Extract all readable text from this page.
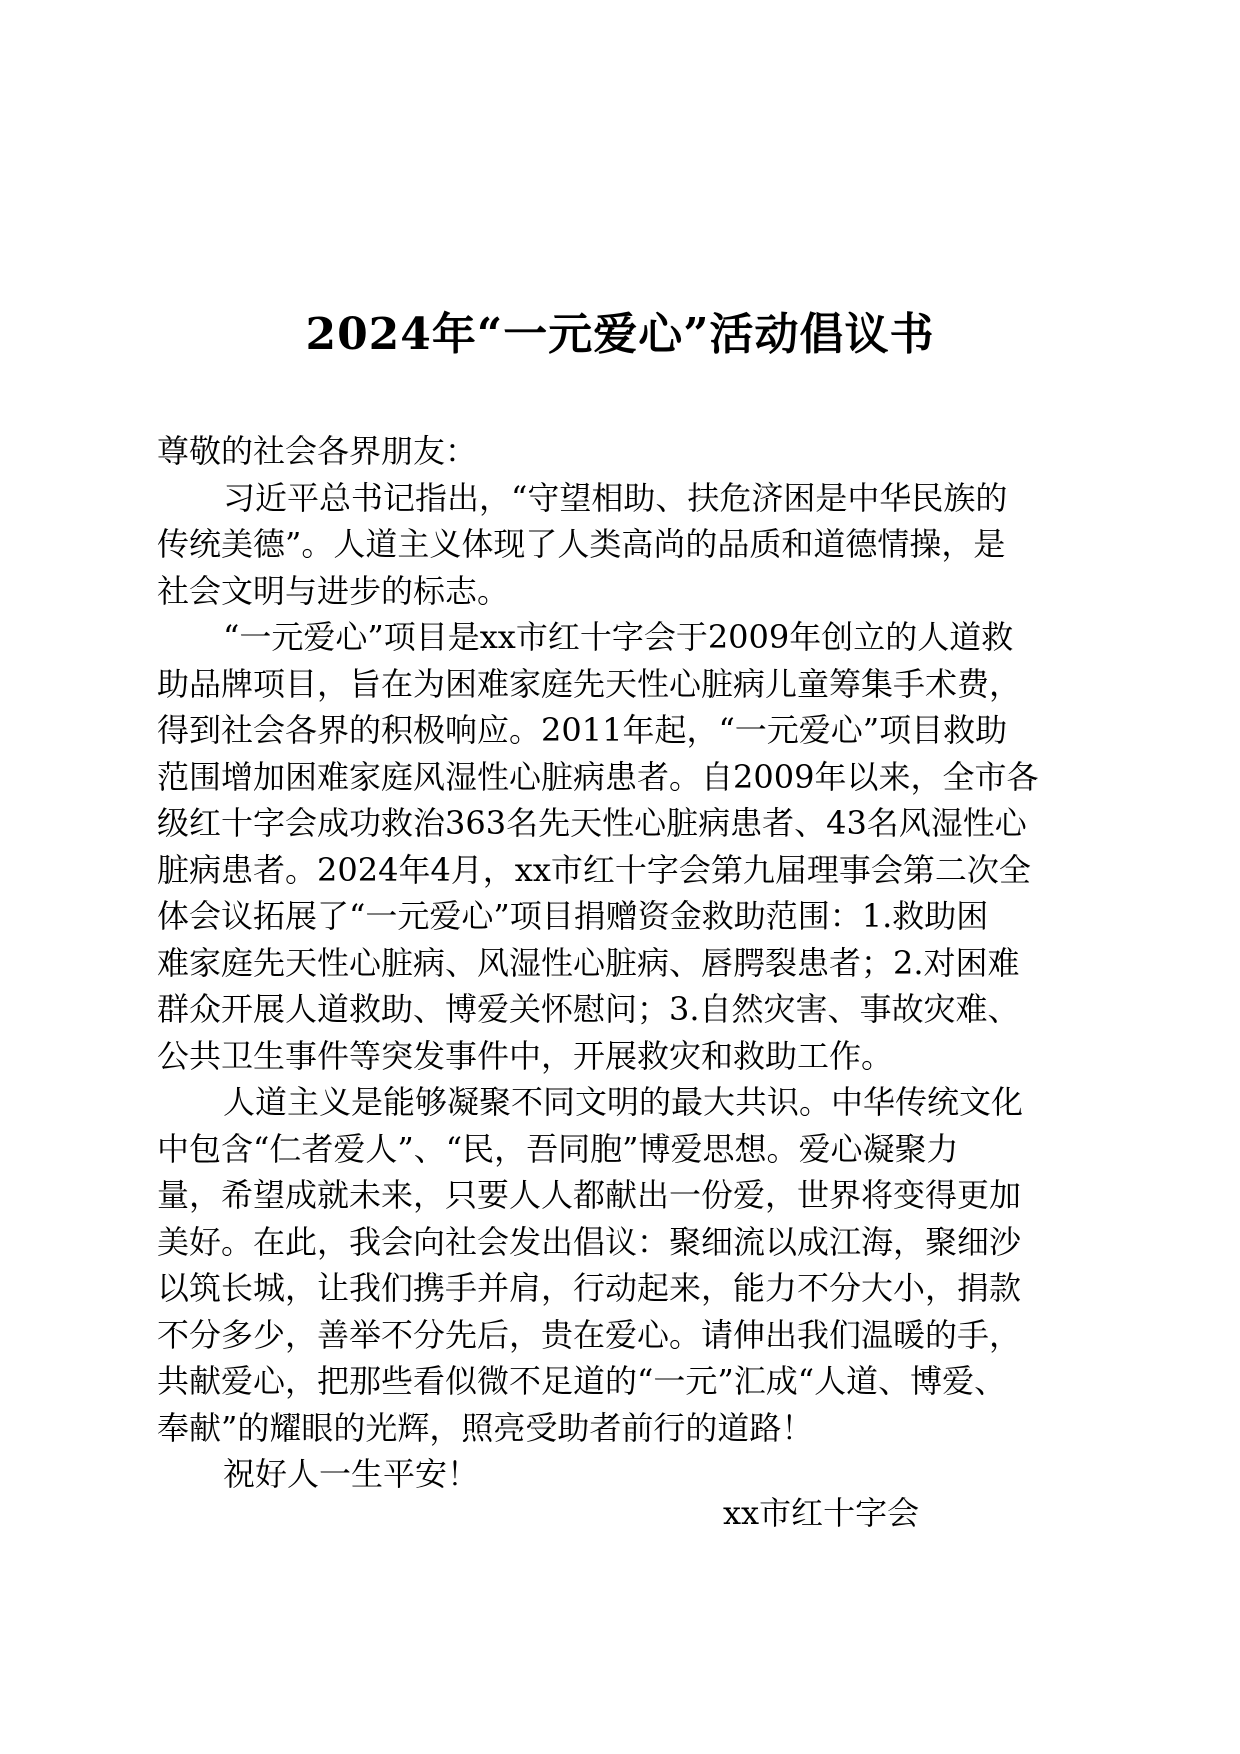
2024年“一元爱心”活动倡议书
尊敬的社会各界朋友：
习近平总书记指出，“守望相助、扶危济困是中华民族的
传统美德”。人道主义体现了人类高尚的品质和道德情操，是
社会文明与进步的标志。
“一元爱心”项目是xx市红十字会于2009年创立的人道救
助品牌项目，旨在为困难家庭先天性心脏病儿童筹集手术费，
得到社会各界的积极响应。2011年起，“一元爱心”项目救助
范围增加困难家庭风湿性心脏病患者。自2009年以来，全市各
级红十字会成功救治363名先天性心脏病患者、43名风湿性心
脏病患者。2024年4月，xx市红十字会第九届理事会第二次全
体会议拓展了“一元爱心”项目捐赠资金救助范围：1.救助困
难家庭先天性心脏病、风湿性心脏病、唇腭裂患者；2.对困难
群众开展人道救助、博爱关怀慰问；3.自然灾害、事故灾难、
公共卫生事件等突发事件中，开展救灾和救助工作。
人道主义是能够凝聚不同文明的最大共识。中华传统文化
中包含“仁者爱人”、“民，吾同胞”博爱思想。爱心凝聚力
量，希望成就未来，只要人人都献出一份爱，世界将变得更加
美好。在此，我会向社会发出倡议：聚细流以成江海，聚细沙
以筑长城，让我们携手并肩，行动起来，能力不分大小，捐款
不分多少，善举不分先后，贵在爱心。请伸出我们温暖的手，
共献爱心，把那些看似微不足道的“一元”汇成“人道、博爱、
奉献”的耀眼的光辉，照亮受助者前行的道路！
祝好人一生平安！
xx市红十字会
